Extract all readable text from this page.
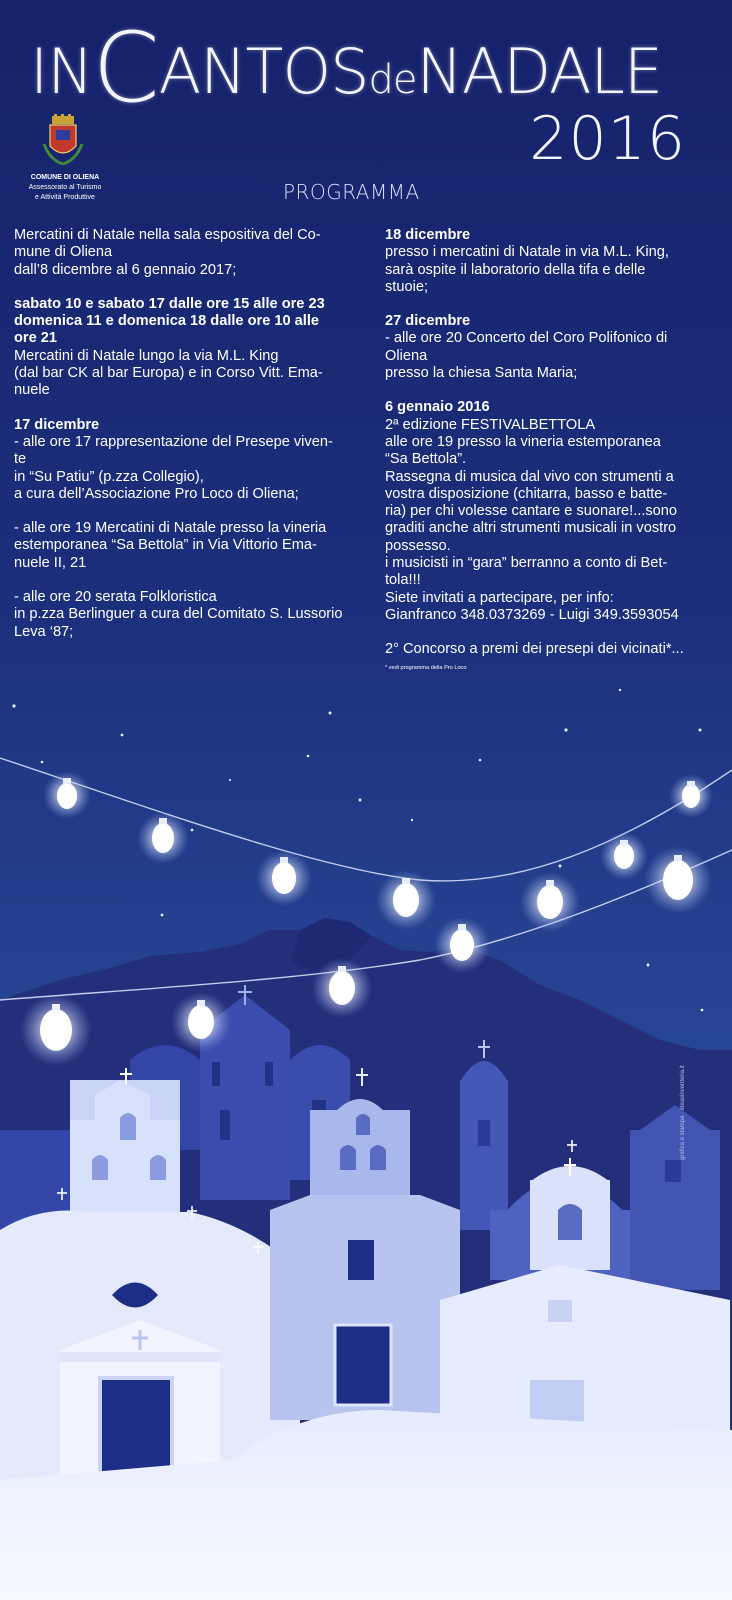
INCANTOSdeNADALE
2016
COMUNE DI OLIENA
Assessorato al Turismo
e Attività Produttive	PROGRAMMA

Mercatini di Natale nella sala espositiva del Co-

mune di Oliena

dall’8 dicembre al 6 gennaio 2017;

sabato 10 e sabato 17 dalle ore 15 alle ore 23

domenica 11 e domenica 18 dalle ore 10 alle

ore 21

Mercatini di Natale lungo la via M.L. King

(dal bar CK al bar Europa) e in Corso Vitt. Ema-

nuele

17 dicembre

- alle ore 17 rappresentazione del Presepe viven-

te

in “Su Patiu” (p.zza Collegio),

a cura dell’Associazione Pro Loco di Oliena;

- alle ore 19 Mercatini di Natale presso la vineria

estemporanea “Sa Bettola” in Via Vittorio Ema-

nuele II, 21

- alle ore 20 serata Folkloristica

in p.zza Berlinguer a cura del Comitato S. Lussorio

Leva ‘87;

18 dicembre

presso i mercatini di Natale in via M.L. King,

sarà ospite il laboratorio della tifa e delle

stuoie;

27 dicembre

- alle ore 20 Concerto del Coro Polifonico di

Oliena

presso la chiesa Santa Maria;

6 gennaio 2016

2ª edizione FESTIVALBETTOLA

alle ore 19 presso la vineria estemporanea

“Sa Bettola”.

Rassegna di musica dal vivo con strumenti a

vostra disposizione (chitarra, basso e batte-

ria) per chi volesse cantare e suonare!...sono

graditi anche altri strumenti musicali in vostro

possesso.

i musicisti in “gara” berranno a conto di Bet-

tola!!!

Siete invitati a partecipare, per info:

Gianfranco 348.0373269 - Luigi 349.3593054

2° Concorso a premi dei presepi dei vicinati*...

* vedi programma della Pro Loco

grafica e stampa · ideasinventeria.it
